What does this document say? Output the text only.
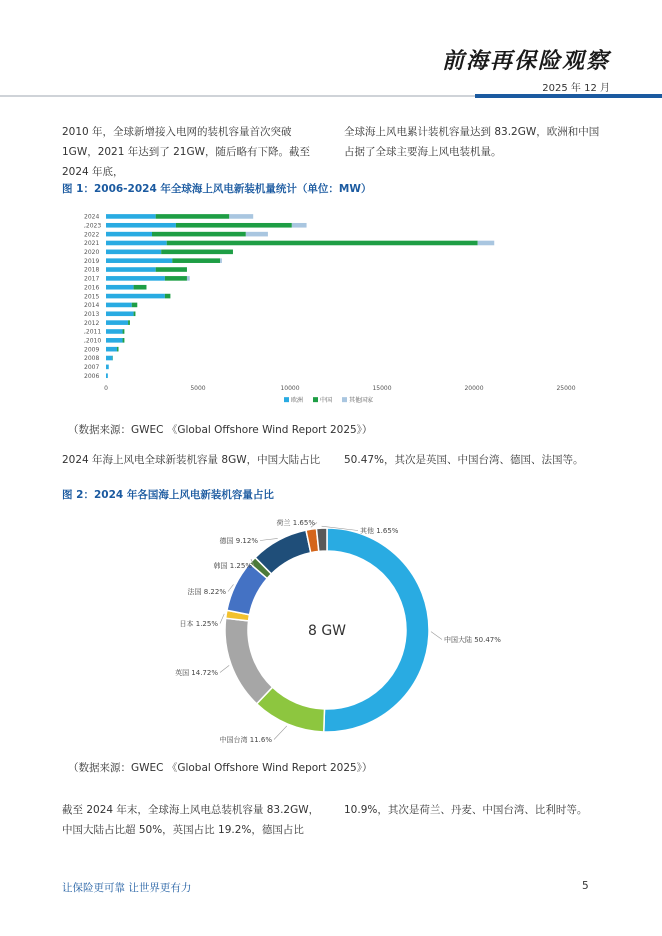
前海再保险观察
2025 年 12 月
2010 年，全球新增接入电网的装机容量首次突破 1GW，2021 年达到了 21GW，随后略有下降。截至 2024 年底，
全球海上风电累计装机容量达到 83.2GW，欧洲和中国占据了全球主要海上风电装机量。
图 1：2006-2024 年全球海上风电新装机量统计（单位：MW）
2024
,2023
2022
2021
2020
2019
2018
2017
2016
2015
2014
2013
2012
,2011
,2010
2009
2008
2007
2006
0	5000	10000	15000	20000	25000
欧洲	中国	其他国家
（数据来源：GWEC 《Global Offshore Wind Report 2025》）
2024 年海上风电全球新装机容量 8GW，中国大陆占比	50.47%，其次是英国、中国台湾、德国、法国等。
图 2：2024 年各国海上风电新装机容量占比
中国大陆 50.47%
中国台湾 11.6%
英国 14.72%
日本 1.25%
法国 8.22%
韩国 1.25%
德国 9.12%
荷兰 1.65%
其他 1.65%
8 GW
（数据来源：GWEC 《Global Offshore Wind Report 2025》）
截至 2024 年末，全球海上风电总装机容量 83.2GW，中国大陆占比超 50%，英国占比 19.2%，德国占比
10.9%，其次是荷兰、丹麦、中国台湾、比利时等。
让保险更可靠 让世界更有力	5
